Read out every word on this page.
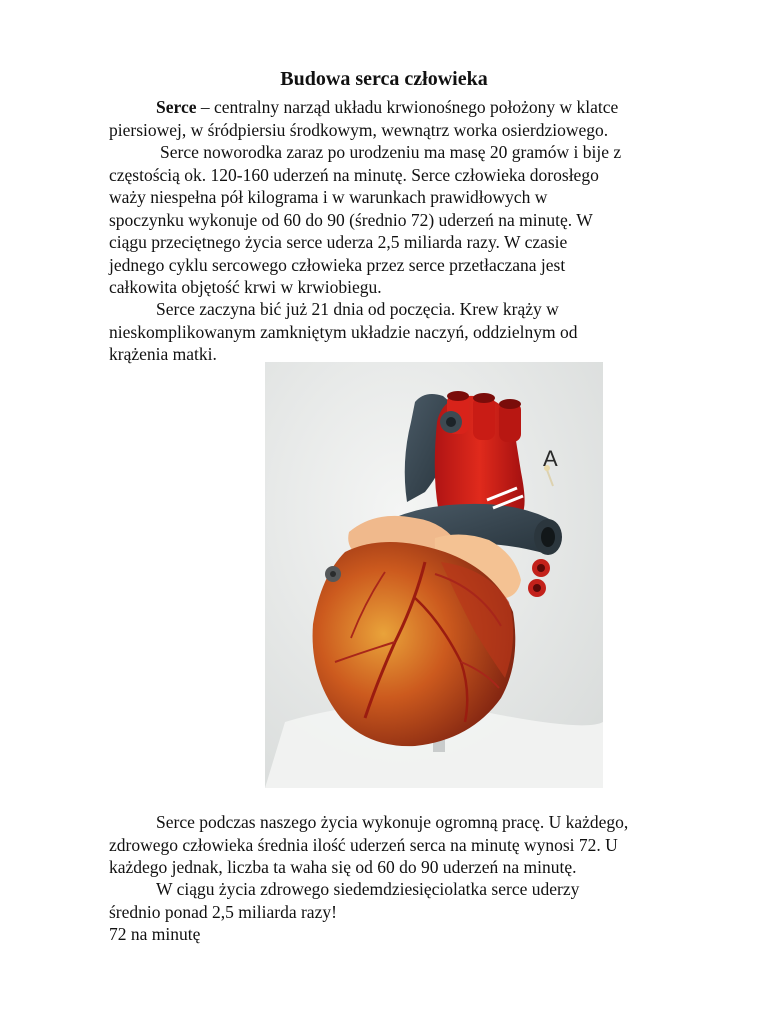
Budowa serca człowieka

Serce – centralny narząd układu krwionośnego położony w klatce
piersiowej, w śródpiersiu środkowym, wewnątrz worka osierdziowego.

Serce noworodka zaraz po urodzeniu ma masę 20 gramów i bije z
częstością ok. 120-160 uderzeń na minutę. Serce człowieka dorosłego
waży niespełna pół kilograma i w warunkach prawidłowych w
spoczynku wykonuje od 60 do 90 (średnio 72) uderzeń na minutę. W
ciągu przeciętnego życia serce uderza 2,5 miliarda razy. W czasie
jednego cyklu sercowego człowieka przez serce przetłaczana jest
całkowita objętość krwi w krwiobiegu.

Serce zaczyna bić już 21 dnia od poczęcia. Krew krąży w
nieskomplikowanym zamkniętym układzie naczyń, oddzielnym od
krążenia matki.

A

Serce podczas naszego życia wykonuje ogromną pracę. U każdego,
zdrowego człowieka średnia ilość uderzeń serca na minutę wynosi 72. U
każdego jednak, liczba ta waha się od 60 do 90 uderzeń na minutę.

W ciągu życia zdrowego siedemdziesięciolatka serce uderzy
średnio ponad 2,5 miliarda razy!
72 na minutę
